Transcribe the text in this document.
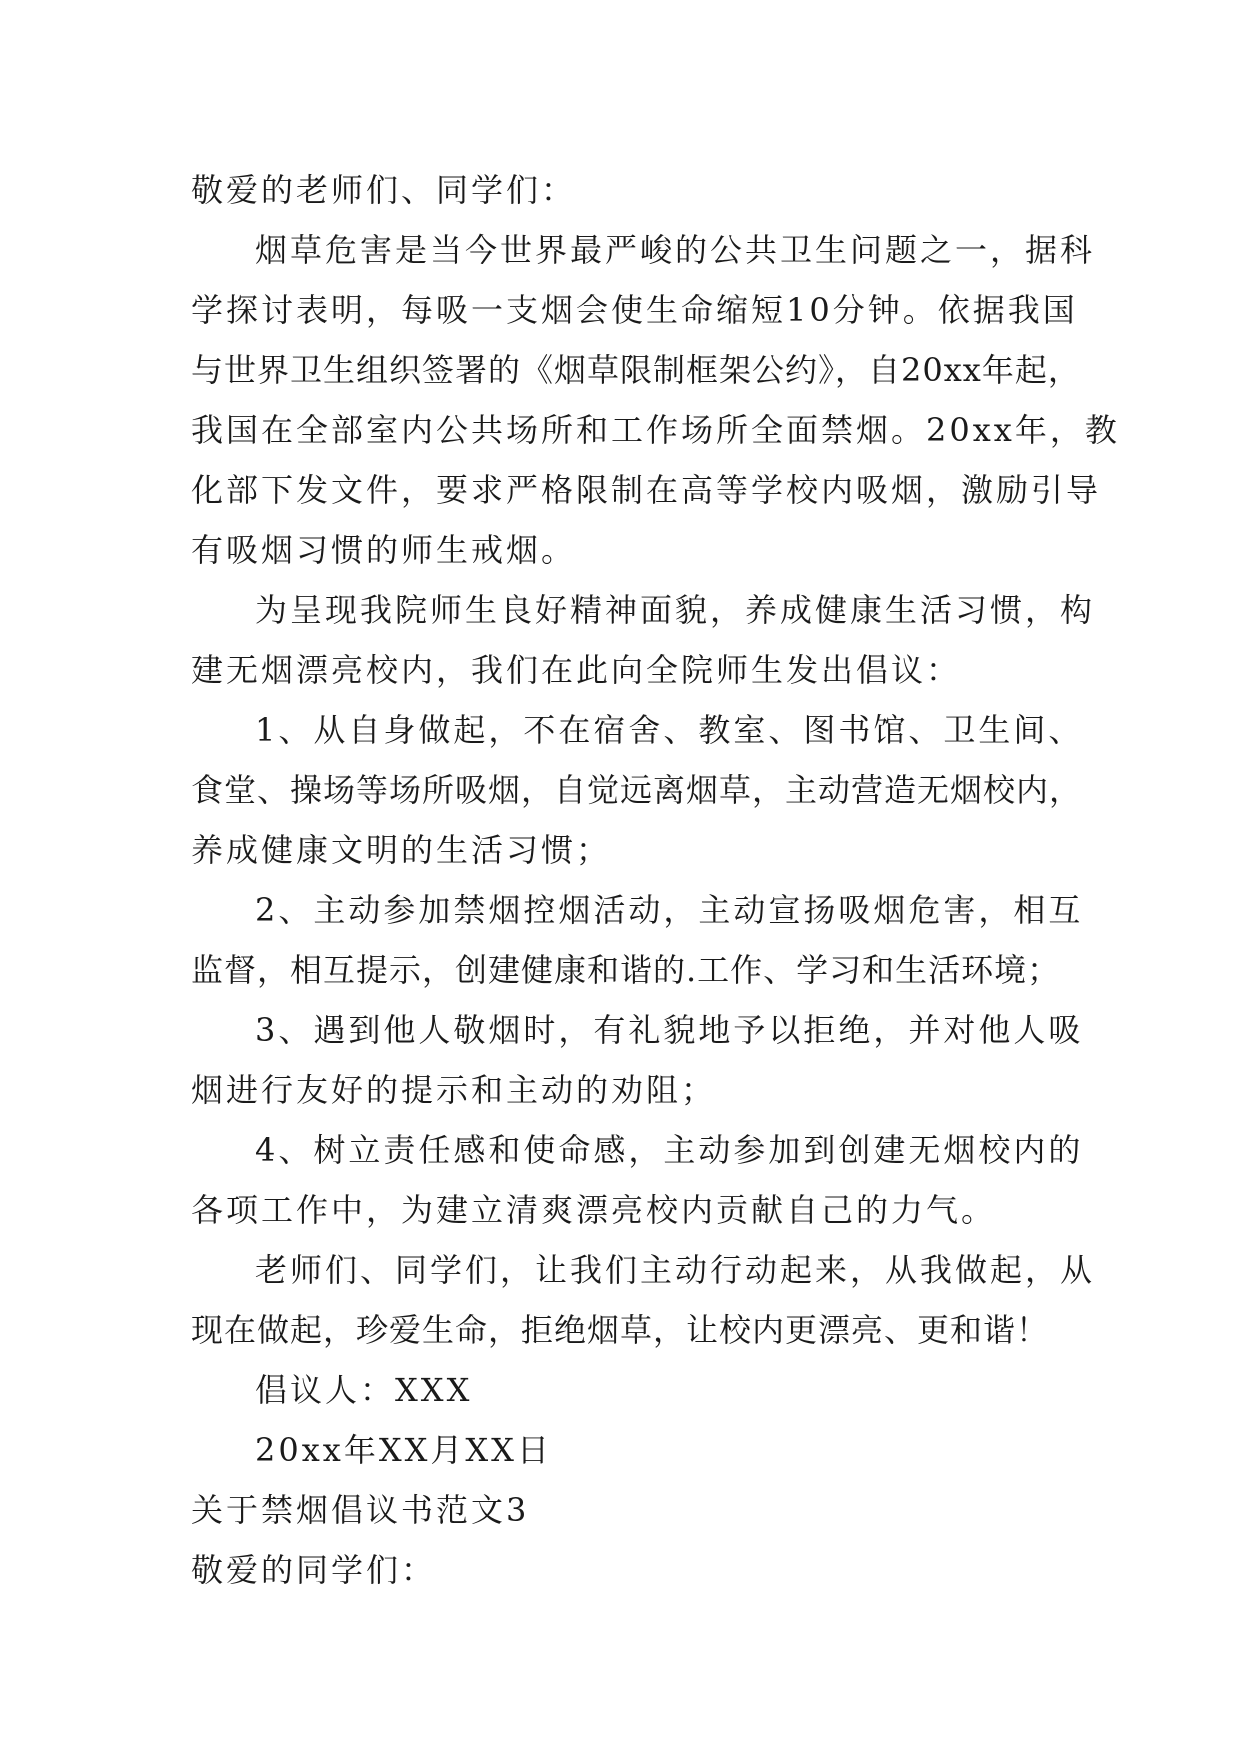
敬爱的老师们、同学们：
烟草危害是当今世界最严峻的公共卫生问题之一，据科
学探讨表明，每吸一支烟会使生命缩短10分钟。依据我国
与世界卫生组织签署的《烟草限制框架公约》，自20xx年起，
我国在全部室内公共场所和工作场所全面禁烟。20xx年，教
化部下发文件，要求严格限制在高等学校内吸烟，激励引导
有吸烟习惯的师生戒烟。
为呈现我院师生良好精神面貌，养成健康生活习惯，构
建无烟漂亮校内，我们在此向全院师生发出倡议：
1、从自身做起，不在宿舍、教室、图书馆、卫生间、
食堂、操场等场所吸烟，自觉远离烟草，主动营造无烟校内，
养成健康文明的生活习惯；
2、主动参加禁烟控烟活动，主动宣扬吸烟危害，相互
监督，相互提示，创建健康和谐的.工作、学习和生活环境；
3、遇到他人敬烟时，有礼貌地予以拒绝，并对他人吸
烟进行友好的提示和主动的劝阻；
4、树立责任感和使命感，主动参加到创建无烟校内的
各项工作中，为建立清爽漂亮校内贡献自己的力气。
老师们、同学们，让我们主动行动起来，从我做起，从
现在做起，珍爱生命，拒绝烟草，让校内更漂亮、更和谐！
倡议人：XXX
20xx年XX月XX日
关于禁烟倡议书范文3
敬爱的同学们：
